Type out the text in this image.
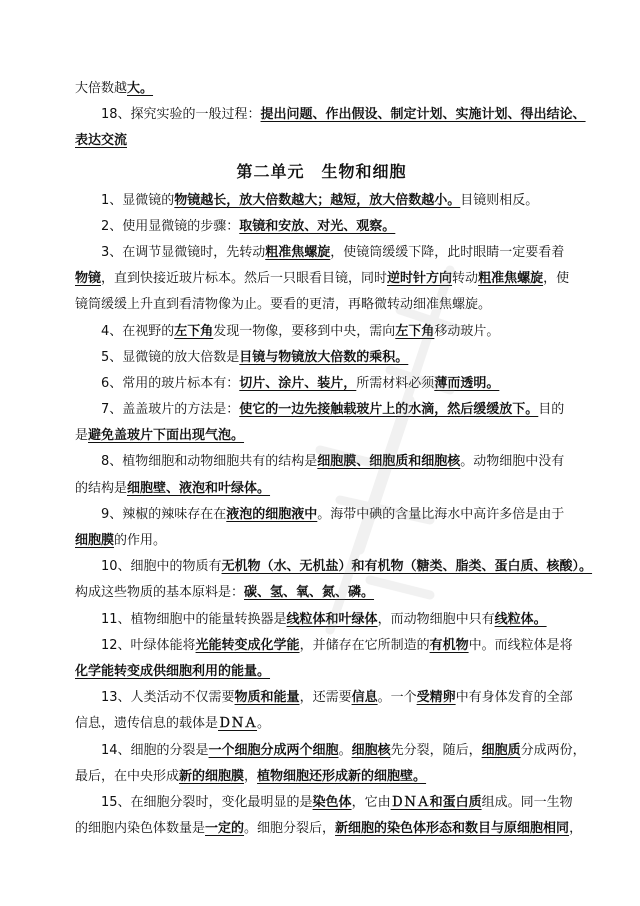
大倍数越大。
18、探究实验的一般过程：提出问题、作出假设、制定计划、实施计划、得出结论、
表达交流
第二单元　生物和细胞
1、显微镜的物镜越长，放大倍数越大；越短，放大倍数越小。目镜则相反。
2、使用显微镜的步骤：取镜和安放、对光、观察。
3、在调节显微镜时，先转动粗准焦螺旋，使镜筒缓缓下降，此时眼睛一定要看着
物镜，直到快接近玻片标本。然后一只眼看目镜，同时逆时针方向转动粗准焦螺旋，使
镜筒缓缓上升直到看清物像为止。要看的更清，再略微转动细准焦螺旋。
4、在视野的左下角发现一物像，要移到中央，需向左下角移动玻片。
5、显微镜的放大倍数是目镜与物镜放大倍数的乘积。
6、常用的玻片标本有：切片、涂片、装片，所需材料必须薄而透明。
7、盖盖玻片的方法是：使它的一边先接触载玻片上的水滴，然后缓缓放下。目的
是避免盖玻片下面出现气泡。
8、植物细胞和动物细胞共有的结构是细胞膜、细胞质和细胞核。动物细胞中没有
的结构是细胞壁、液泡和叶绿体。
9、辣椒的辣味存在在液泡的细胞液中。海带中碘的含量比海水中高许多倍是由于
细胞膜的作用。
10、细胞中的物质有无机物（水、无机盐）和有机物（糖类、脂类、蛋白质、核酸）。
构成这些物质的基本原料是：碳、氢、氧、氮、磷。
11、植物细胞中的能量转换器是线粒体和叶绿体，而动物细胞中只有线粒体。
12、叶绿体能将光能转变成化学能，并储存在它所制造的有机物中。而线粒体是将
化学能转变成供细胞利用的能量。
13、人类活动不仅需要物质和能量，还需要信息。一个受精卵中有身体发育的全部
信息，遗传信息的载体是ＤＮＡ。
14、细胞的分裂是一个细胞分成两个细胞。细胞核先分裂，随后，细胞质分成两份，
最后，在中央形成新的细胞膜，植物细胞还形成新的细胞壁。
15、在细胞分裂时，变化最明显的是染色体，它由ＤＮＡ和蛋白质组成。同一生物
的细胞内染色体数量是一定的。细胞分裂后，新细胞的染色体形态和数目与原细胞相同，
